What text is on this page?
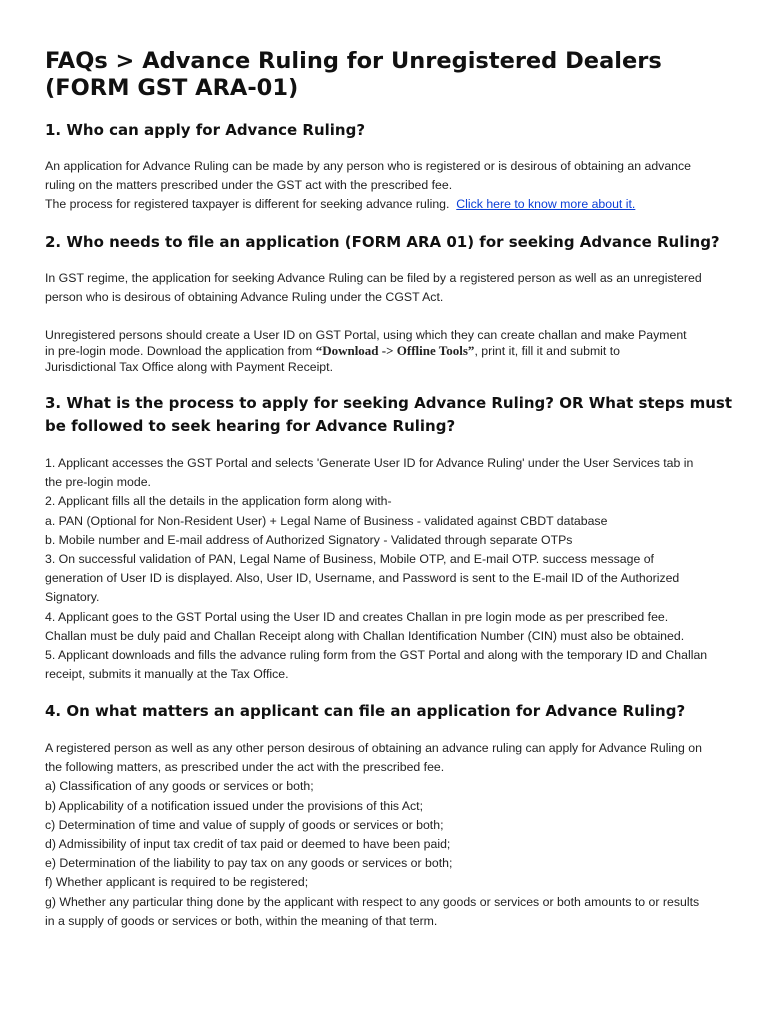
FAQs > Advance Ruling for Unregistered Dealers
(FORM GST ARA-01)
1. Who can apply for Advance Ruling?
An application for Advance Ruling can be made by any person who is registered or is desirous of obtaining an advance
ruling on the matters prescribed under the GST act with the prescribed fee.
The process for registered taxpayer is different for seeking advance ruling. Click here to know more about it.
2. Who needs to file an application (FORM ARA 01) for seeking Advance Ruling?
In GST regime, the application for seeking Advance Ruling can be filed by a registered person as well as an unregistered
person who is desirous of obtaining Advance Ruling under the CGST Act.
Unregistered persons should create a User ID on GST Portal, using which they can create challan and make Payment
in pre-login mode. Download the application from “Download -> Offline Tools”, print it, fill it and submit to
Jurisdictional Tax Office along with Payment Receipt.
3. What is the process to apply for seeking Advance Ruling? OR What steps must
be followed to seek hearing for Advance Ruling?
1. Applicant accesses the GST Portal and selects 'Generate User ID for Advance Ruling' under the User Services tab in
the pre-login mode.
2. Applicant fills all the details in the application form along with-
a. PAN (Optional for Non-Resident User) + Legal Name of Business - validated against CBDT database
b. Mobile number and E-mail address of Authorized Signatory - Validated through separate OTPs
3. On successful validation of PAN, Legal Name of Business, Mobile OTP, and E-mail OTP. success message of
generation of User ID is displayed. Also, User ID, Username, and Password is sent to the E-mail ID of the Authorized
Signatory.
4. Applicant goes to the GST Portal using the User ID and creates Challan in pre login mode as per prescribed fee.
Challan must be duly paid and Challan Receipt along with Challan Identification Number (CIN) must also be obtained.
5. Applicant downloads and fills the advance ruling form from the GST Portal and along with the temporary ID and Challan
receipt, submits it manually at the Tax Office.
4. On what matters an applicant can file an application for Advance Ruling?
A registered person as well as any other person desirous of obtaining an advance ruling can apply for Advance Ruling on
the following matters, as prescribed under the act with the prescribed fee.
a) Classification of any goods or services or both;
b) Applicability of a notification issued under the provisions of this Act;
c) Determination of time and value of supply of goods or services or both;
d) Admissibility of input tax credit of tax paid or deemed to have been paid;
e) Determination of the liability to pay tax on any goods or services or both;
f) Whether applicant is required to be registered;
g) Whether any particular thing done by the applicant with respect to any goods or services or both amounts to or results
in a supply of goods or services or both, within the meaning of that term.
